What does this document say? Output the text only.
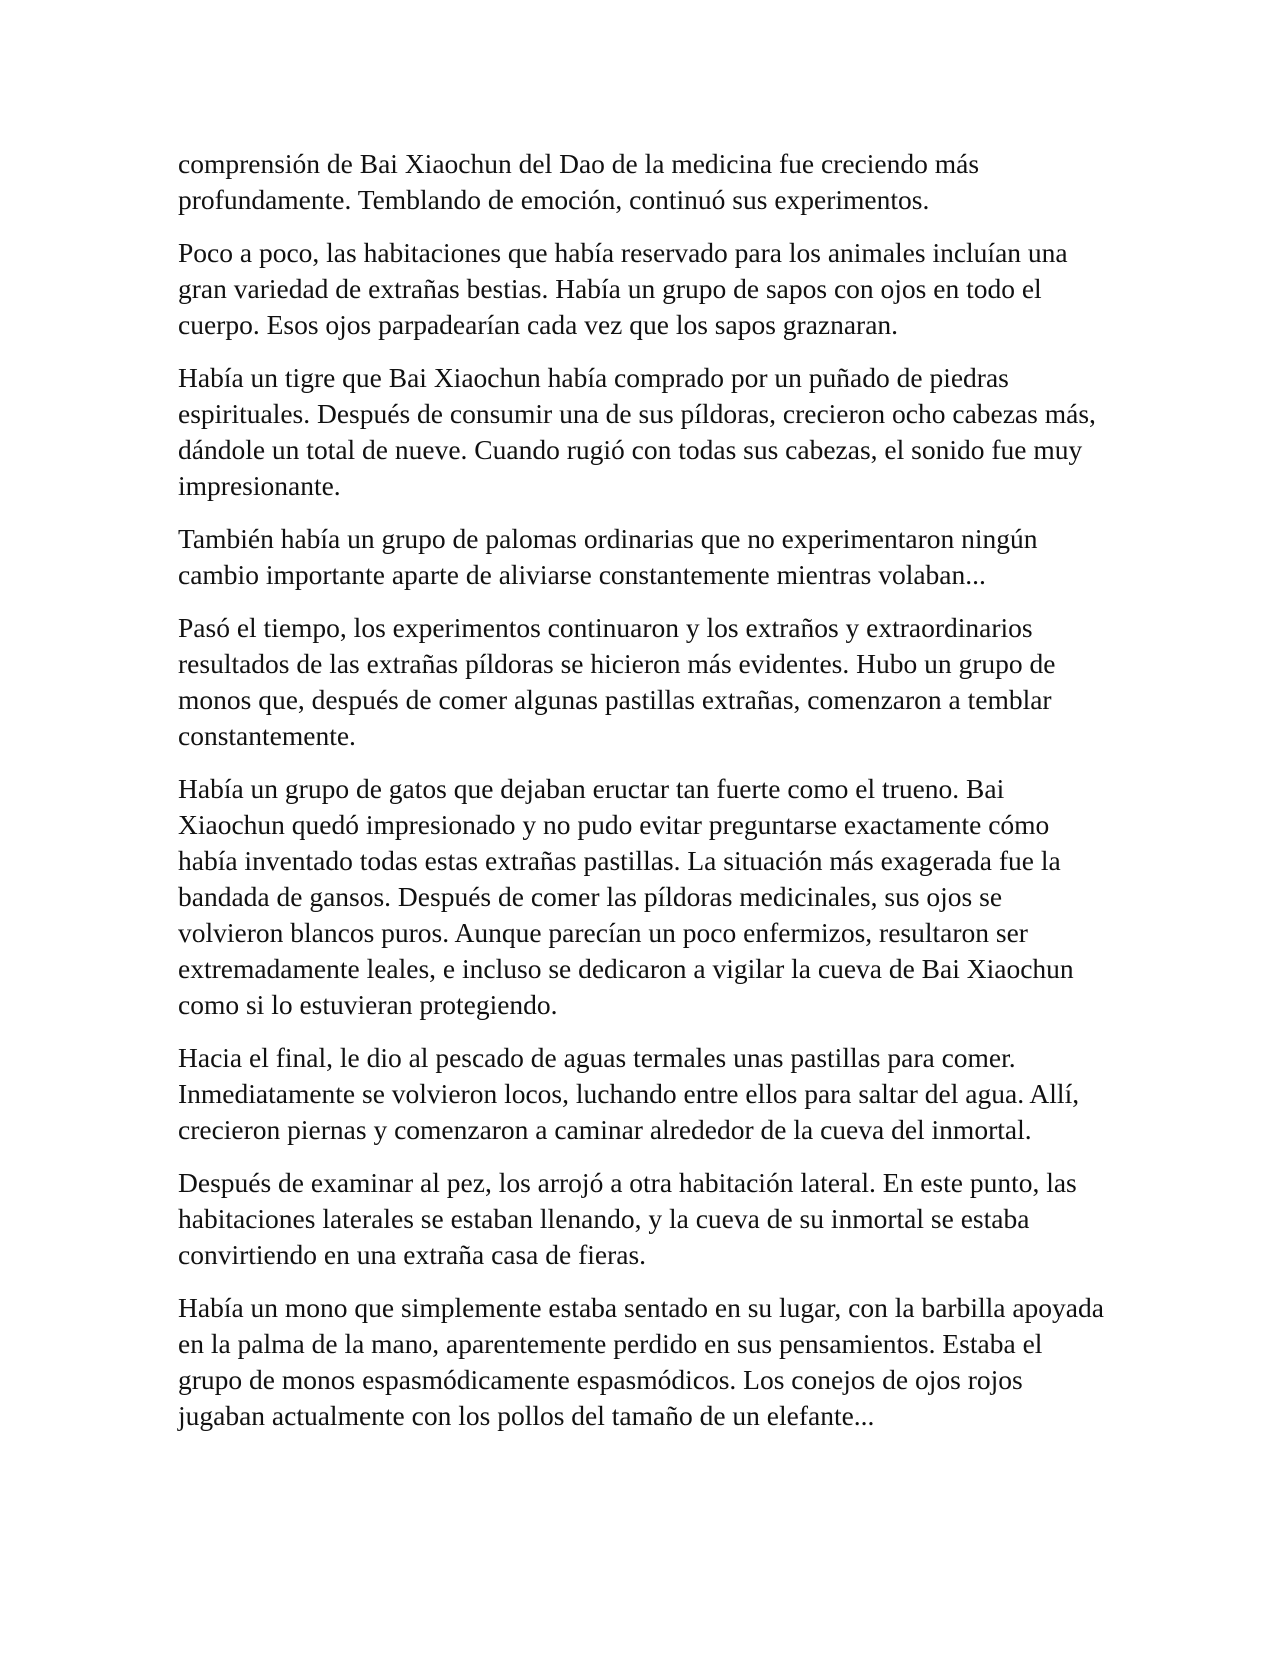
comprensión de Bai Xiaochun del Dao de la medicina fue creciendo más profundamente. Temblando de emoción, continuó sus experimentos.

Poco a poco, las habitaciones que había reservado para los animales incluían una gran variedad de extrañas bestias. Había un grupo de sapos con ojos en todo el cuerpo. Esos ojos parpadearían cada vez que los sapos graznaran.

Había un tigre que Bai Xiaochun había comprado por un puñado de piedras espirituales. Después de consumir una de sus píldoras, crecieron ocho cabezas más, dándole un total de nueve. Cuando rugió con todas sus cabezas, el sonido fue muy impresionante.

También había un grupo de palomas ordinarias que no experimentaron ningún cambio importante aparte de aliviarse constantemente mientras volaban...

Pasó el tiempo, los experimentos continuaron y los extraños y extraordinarios resultados de las extrañas píldoras se hicieron más evidentes. Hubo un grupo de monos que, después de comer algunas pastillas extrañas, comenzaron a temblar constantemente.

Había un grupo de gatos que dejaban eructar tan fuerte como el trueno. Bai Xiaochun quedó impresionado y no pudo evitar preguntarse exactamente cómo había inventado todas estas extrañas pastillas. La situación más exagerada fue la bandada de gansos. Después de comer las píldoras medicinales, sus ojos se volvieron blancos puros. Aunque parecían un poco enfermizos, resultaron ser extremadamente leales, e incluso se dedicaron a vigilar la cueva de Bai Xiaochun como si lo estuvieran protegiendo.

Hacia el final, le dio al pescado de aguas termales unas pastillas para comer. Inmediatamente se volvieron locos, luchando entre ellos para saltar del agua. Allí, crecieron piernas y comenzaron a caminar alrededor de la cueva del inmortal.

Después de examinar al pez, los arrojó a otra habitación lateral. En este punto, las habitaciones laterales se estaban llenando, y la cueva de su inmortal se estaba convirtiendo en una extraña casa de fieras.

Había un mono que simplemente estaba sentado en su lugar, con la barbilla apoyada en la palma de la mano, aparentemente perdido en sus pensamientos. Estaba el grupo de monos espasmódicamente espasmódicos. Los conejos de ojos rojos jugaban actualmente con los pollos del tamaño de un elefante...
